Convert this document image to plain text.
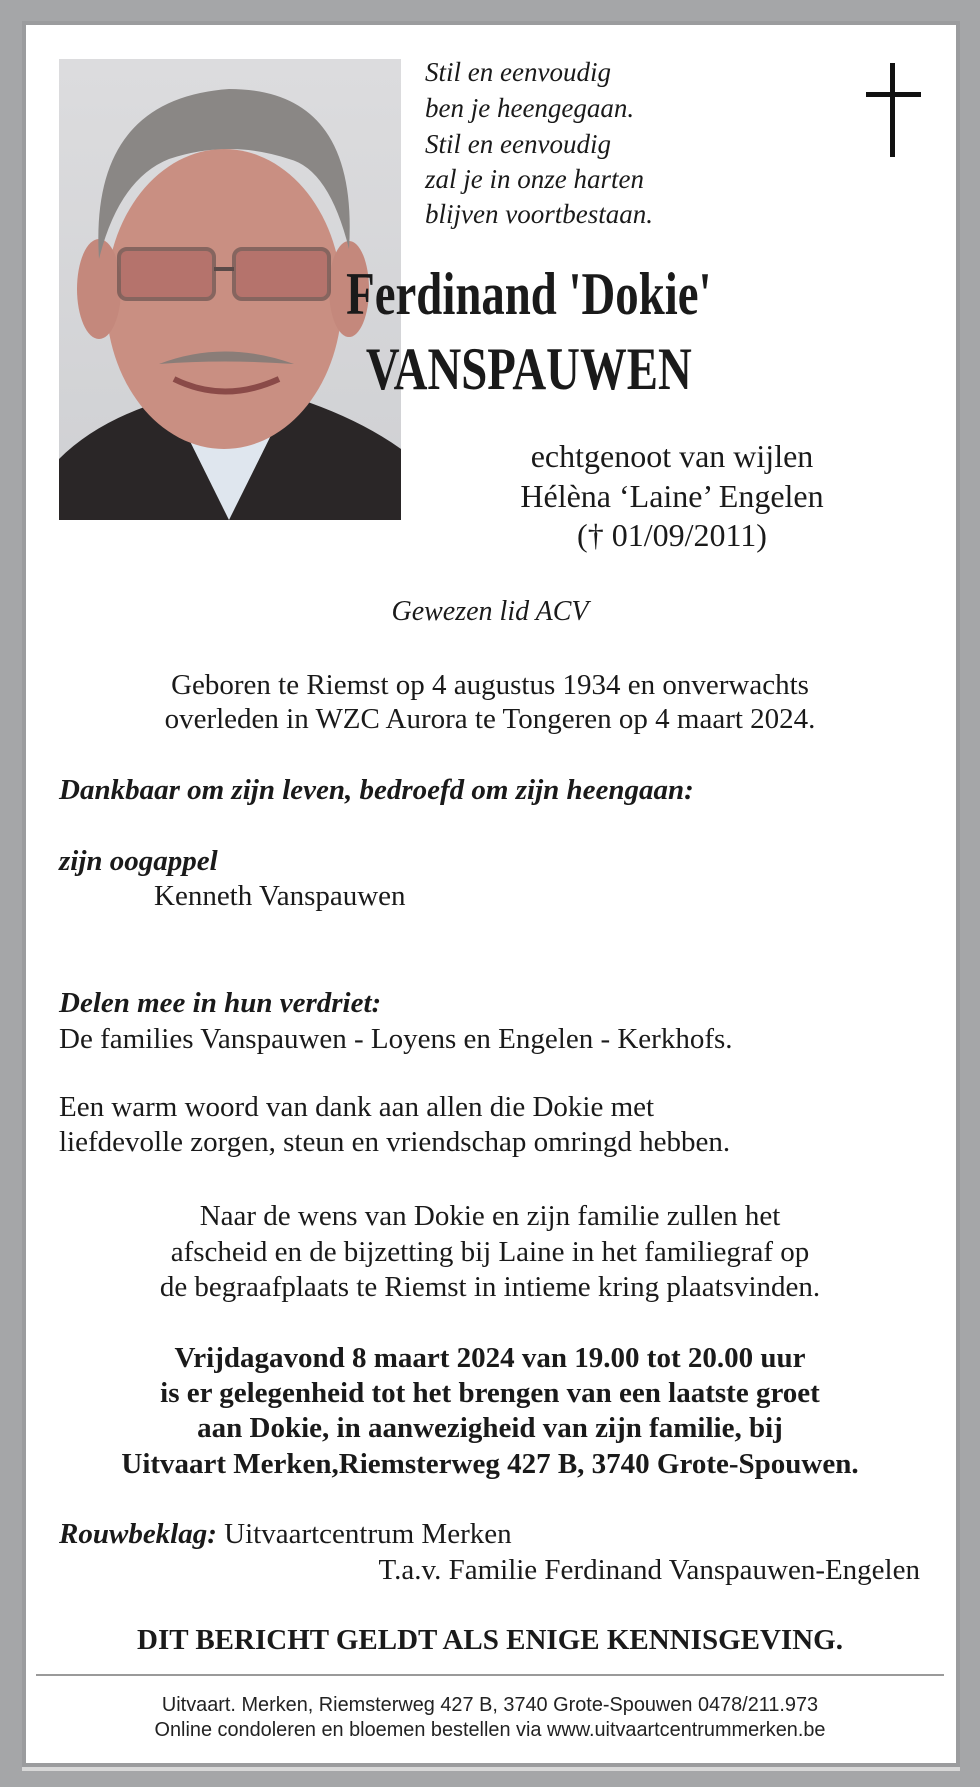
Stil en eenvoudig
ben je heengegaan.
Stil en eenvoudig
zal je in onze harten
blijven voortbestaan.
Ferdinand 'Dokie'
VANSPAUWEN
echtgenoot van wijlen
Hélèna ‘Laine’ Engelen
(† 01/09/2011)
Gewezen lid ACV
Geboren te Riemst op 4 augustus 1934 en onverwachts
overleden in WZC Aurora te Tongeren op 4 maart 2024.
Dankbaar om zijn leven, bedroefd om zijn heengaan:
zijn oogappel
Kenneth Vanspauwen
Delen mee in hun verdriet:
De families Vanspauwen - Loyens en Engelen - Kerkhofs.
Een warm woord van dank aan allen die Dokie met
liefdevolle zorgen, steun en vriendschap omringd hebben.
Naar de wens van Dokie en zijn familie zullen het
afscheid en de bijzetting bij Laine in het familiegraf op
de begraafplaats te Riemst in intieme kring plaatsvinden.
Vrijdagavond 8 maart 2024 van 19.00 tot 20.00 uur
is er gelegenheid tot het brengen van een laatste groet
aan Dokie, in aanwezigheid van zijn familie, bij
Uitvaart Merken,Riemsterweg 427 B, 3740 Grote-Spouwen.
Rouwbeklag: Uitvaartcentrum Merken
T.a.v. Familie Ferdinand Vanspauwen-Engelen
DIT BERICHT GELDT ALS ENIGE KENNISGEVING.
Uitvaart. Merken, Riemsterweg 427 B, 3740 Grote-Spouwen 0478/211.973
Online condoleren en bloemen bestellen via www.uitvaartcentrummerken.be
